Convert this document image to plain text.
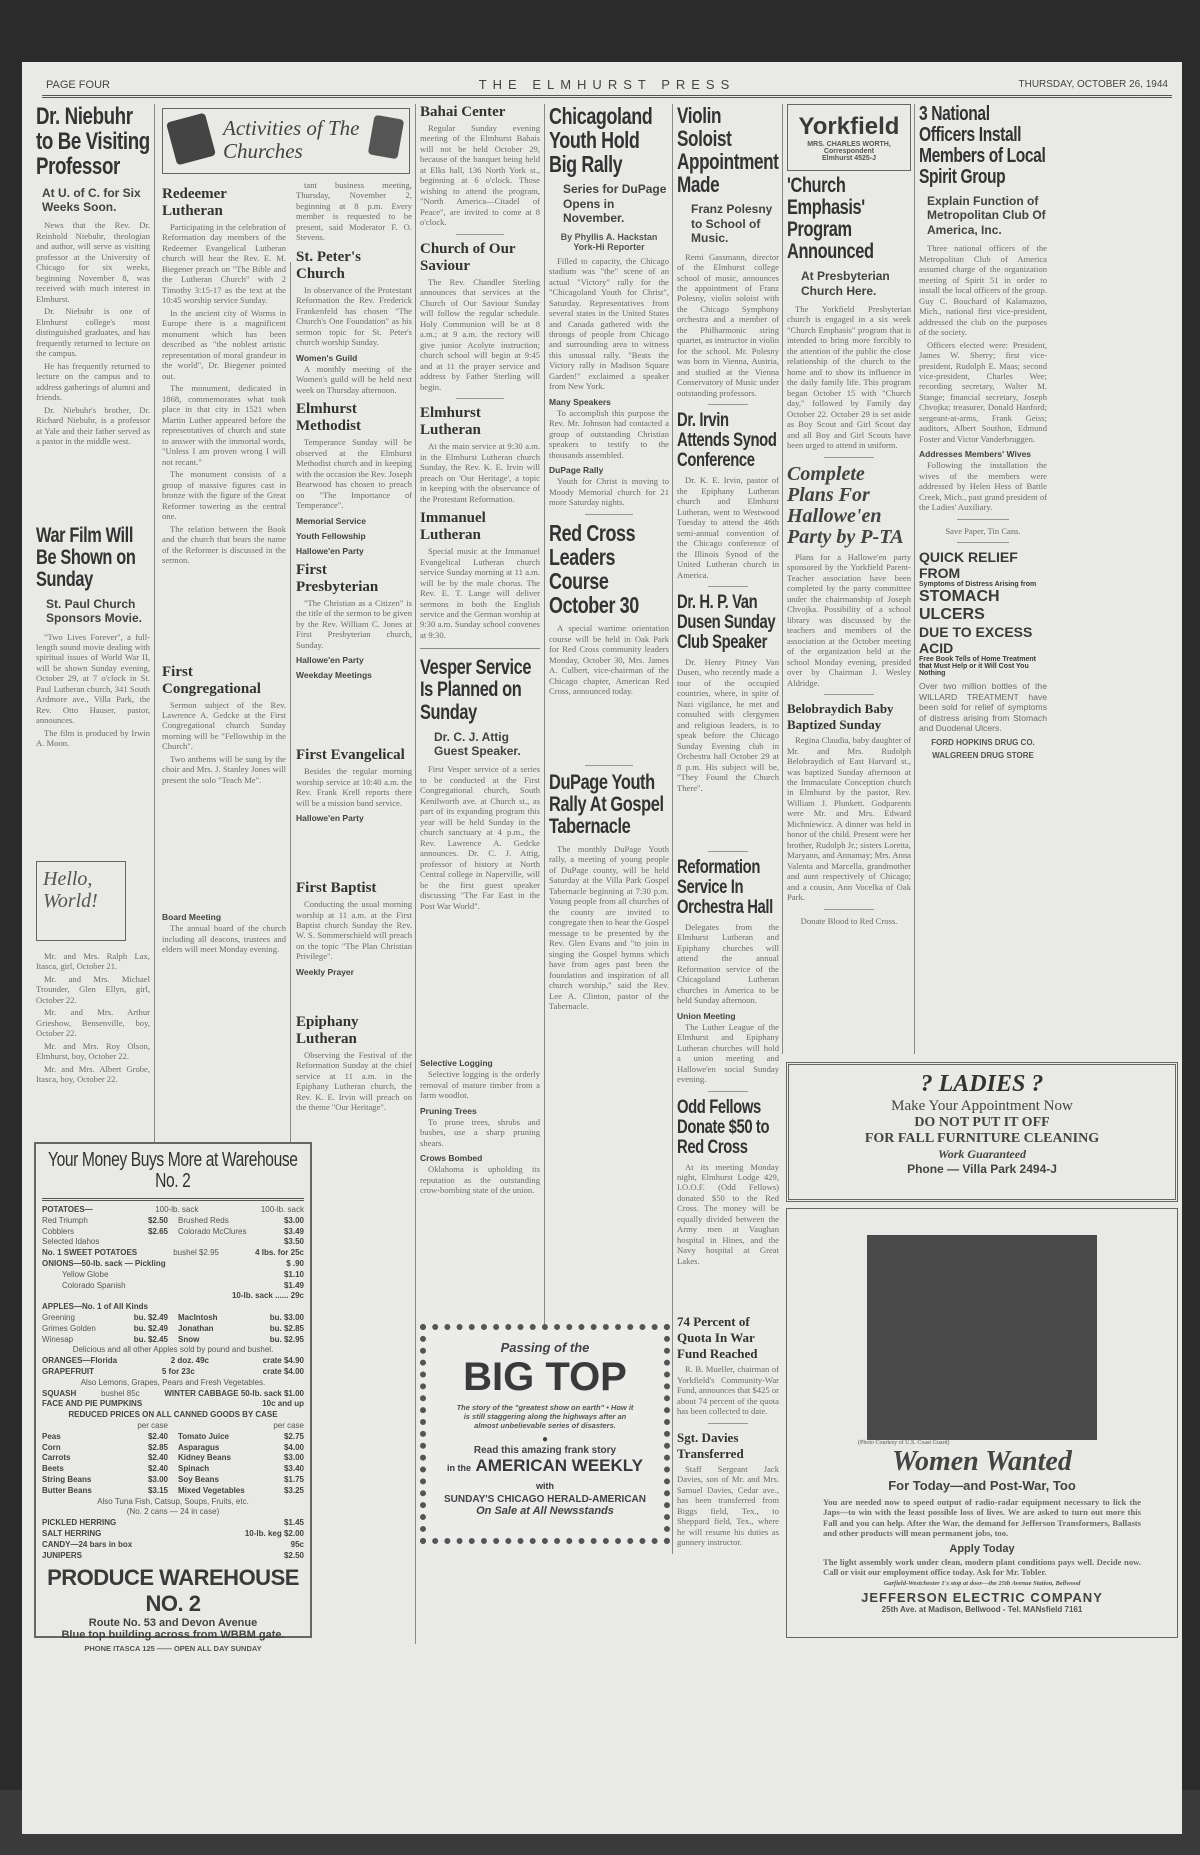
PAGE FOUR	THE ELMHURST PRESS	THURSDAY, OCTOBER 26, 1944
Dr. Niebuhr to Be Visiting Professor
At U. of C. for Six Weeks Soon.

News that the Rev. Dr. Reinhold Niebuhr, theologian and author, will serve as visiting professor at the University of Chicago for six weeks, beginning November 8, was received with much interest in Elmhurst.

Dr. Niebuhr is one of Elmhurst college's most distinguished graduates, and has frequently returned to lecture on the campus.

He has frequently returned to lecture on the campus and to address gatherings of alumni and friends.

Dr. Niebuhr's brother, Dr. Richard Niebuhr, is a professor at Yale and their father served as a pastor in the middle west.

War Film Will Be Shown on Sunday
St. Paul Church Sponsors Movie.

"Two Lives Forever", a full-length sound movie dealing with spiritual issues of World War II, will be shown Sunday evening, October 29, at 7 o'clock in St. Paul Lutheran church, 341 South Ardmore ave., Villa Park, the Rev. Otto Hauser, pastor, announces.

The film is produced by Irwin A. Moon.

Hello, World!

Mr. and Mrs. Ralph Lax, Itasca, girl, October 21.

Mr. and Mrs. Michael Trounder, Glen Ellyn, girl, October 22.

Mr. and Mrs. Arthur Grieshow, Bensenville, boy, October 22.

Mr. and Mrs. Roy Olson, Elmhurst, boy, October 22.

Mr. and Mrs. Albert Grobe, Itasca, boy, October 22.

Activities of The Churches
Redeemer Lutheran

Participating in the celebration of Reformation day members of the Redeemer Evangelical Lutheran church will hear the Rev. E. M. Biegener preach on "The Bible and the Lutheran Church" with 2 Timothy 3:15-17 as the text at the 10:45 worship service Sunday.

In the ancient city of Worms in Europe there is a magnificent monument which has been described as "the noblest artistic representation of moral grandeur in the world", Dr. Biegener pointed out.

The monument, dedicated in 1868, commemorates what took place in that city in 1521 when Martin Luther appeared before the representatives of church and state to answer with the immortal words, "Unless I am proven wrong I will not recant."

The monument consists of a group of massive figures cast in bronze with the figure of the Great Reformer towering as the central one.

The relation between the Book and the church that bears the name of the Reformer is discussed in the sermon.

First Congregational

Sermon subject of the Rev. Lawrence A. Gedcke at the First Congregational church Sunday morning will be "Fellowship in the Church".

Two anthems will be sung by the choir and Mrs. J. Stanley Jones will present the solo "Teach Me".

Board Meeting

The annual board of the church including all deacons, trustees and elders will meet Monday evening.

tant business meeting, Thursday, November 2, beginning at 8 p.m. Every member is requested to be present, said Moderator F. O. Stevens.

St. Peter's Church

In observance of the Protestant Reformation the Rev. Frederick Frankenfeld has chosen "The Church's One Foundation" as his sermon topic for St. Peter's church worship Sunday.

Women's Guild

A monthly meeting of the Women's guild will be held next week on Thursday afternoon.

Elmhurst Methodist

Temperance Sunday will be observed at the Elmhurst Methodist church and in keeping with the occasion the Rev. Joseph Bearwood has chosen to preach on "The Importance of Temperance".

Memorial Service
Youth Fellowship
Hallowe'en Party
First Presbyterian

"The Christian as a Citizen" is the title of the sermon to be given by the Rev. William C. Jones at First Presbyterian church, Sunday.

Hallowe'en Party
Weekday Meetings
First Evangelical

Besides the regular morning worship service at 10:40 a.m. the Rev. Frank Krell reports there will be a mission band service.

Hallowe'en Party
First Baptist

Conducting the usual morning worship at 11 a.m. at the First Baptist church Sunday the Rev. W. S. Sommerschield will preach on the topic "The Plan Christian Privilege".

Weekly Prayer
Epiphany Lutheran

Observing the Festival of the Reformation Sunday at the chief service at 11 a.m. in the Epiphany Lutheran church, the Rev. K. E. Irvin will preach on the theme "Our Heritage".

Your Money Buys More at Warehouse No. 2
POTATOES—	100-lb. sack	100-lb. sack
Red Triumph	$2.50 Brushed Reds	$3.00
Cobblers	$2.65 Colorado McClures	$3.49
Selected Idahos	$3.50
No. 1 SWEET POTATOES	bushel $2.95	4 lbs. for 25c
ONIONS—50-lb. sack — Pickling	$ .90
Yellow Globe	$1.10
Colorado Spanish	$1.49
10-lb. sack ...... 29c
APPLES—No. 1 of All Kinds
Greening	bu. $2.49 MacIntosh	bu. $3.00
Grimes Golden	bu. $2.49 Jonathan	bu. $2.85
Winesap	bu. $2.45 Snow	bu. $2.95
Delicious and all other Apples sold by pound and bushel.
ORANGES—Florida	2 doz. 49c	crate $4.90
GRAPEFRUIT	5 for 23c	crate $4.00
Also Lemons, Grapes, Pears and Fresh Vegetables.
SQUASH	bushel 85c	WINTER CABBAGE 50-lb. sack $1.00
FACE AND PIE PUMPKINS	10c and up
REDUCED PRICES ON ALL CANNED GOODS BY CASE
per case	per case
Peas	$2.40 Tomato Juice	$2.75
Corn	$2.85 Asparagus	$4.00
Carrots	$2.40 Kidney Beans	$3.00
Beets	$2.40 Spinach	$3.40
String Beans	$3.00 Soy Beans	$1.75
Butter Beans	$3.15 Mixed Vegetables	$3.25
Also Tuna Fish, Catsup, Soups, Fruits, etc.
(No. 2 cans — 24 in case)
PICKLED HERRING	$1.45
SALT HERRING	10-lb. keg $2.00
CANDY—24 bars in box	95c
JUNIPERS	$2.50
PRODUCE WAREHOUSE NO. 2
Route No. 53 and Devon Avenue
Blue top building across from WBBM gate.
PHONE ITASCA 125 —— OPEN ALL DAY SUNDAY
Bahai Center

Regular Sunday evening meeting of the Elmhurst Bahais will not be held October 29, because of the banquet being held at Elks hall, 136 North York st., beginning at 6 o'clock. Those wishing to attend the program, "North America—Citadel of Peace", are invited to come at 8 o'clock.

Church of Our Saviour

The Rev. Chandler Sterling announces that services at the Church of Our Saviour Sunday will follow the regular schedule. Holy Communion will be at 8 a.m.; at 9 a.m. the rectory will give junior Acolyte instruction; church school will begin at 9:45 and at 11 the prayer service and address by Father Sterling will begin.

Elmhurst Lutheran

At the main service at 9:30 a.m. in the Elmhurst Lutheran church Sunday, the Rev. K. E. Irvin will preach on 'Our Heritage', a topic in keeping with the observance of the Protestant Reformation.

Immanuel Lutheran

Special music at the Immanuel Evangelical Lutheran church service Sunday morning at 11 a.m. will be by the male chorus. The Rev. E. T. Lange will deliver sermons in both the English service and the German worship at 9:30 a.m. Sunday school convenes at 9:30.

Vesper Service Is Planned on Sunday
Dr. C. J. Attig Guest Speaker.

First Vesper service of a series to be conducted at the First Congregational church, South Kenilworth ave. at Church st., as part of its expanding program this year will be held Sunday in the church sanctuary at 4 p.m., the Rev. Lawrence A. Gedcke announces. Dr. C. J. Attig, professor of history at North Central college in Naperville, will be the first guest speaker discussing "The Far East in the Post War World".

Selective Logging

Selective logging is the orderly removal of mature timber from a farm woodlot.

Pruning Trees

To prune trees, shrubs and bushes, use a sharp pruning shears.

Crows Bombed

Oklahoma is upholding its reputation as the outstanding crow-bombing state of the union.

Chicagoland Youth Hold Big Rally
Series for DuPage Opens in November.
By Phyllis A. Hackstan York-Hi Reporter

Filled to capacity, the Chicago stadium was "the" scene of an actual "Victory" rally for the "Chicagoland Youth for Christ", Saturday. Representatives from several states in the United States and Canada gathered with the throngs of people from Chicago and surrounding area to witness this unusual rally. "Beats the Victory rally in Madison Square Garden!" exclaimed a speaker from New York.

Many Speakers

To accomplish this purpose the Rev. Mr. Johnson had contacted a group of outstanding Christian speakers to testify to the thousands assembled.

DuPage Rally

Youth for Christ is moving to Moody Memorial church for 21 more Saturday nights.

Red Cross Leaders Course October 30

A special wartime orientation course will be held in Oak Park for Red Cross community leaders Monday, October 30, Mrs. James A. Culbert, vice-chairman of the Chicago chapter, American Red Cross, announced today.

DuPage Youth Rally At Gospel Tabernacle

The monthly DuPage Youth rally, a meeting of young people of DuPage county, will be held Saturday at the Villa Park Gospel Tabernacle beginning at 7:30 p.m. Young people from all churches of the county are invited to congregate then to hear the Gospel message to be presented by the Rev. Glen Evans and "to join in singing the Gospel hymns which have from ages past been the foundation and inspiration of all church worship," said the Rev. Lee A. Clinton, pastor of the Tabernacle.

Passing of the
BIG TOP
The story of the "greatest show on earth" • How it is still staggering along the highways after an almost unbelievable series of disasters.
●
Read this amazing frank story
in the AMERICAN WEEKLY with
SUNDAY'S CHICAGO HERALD-AMERICAN
On Sale at All Newsstands
Violin Soloist Appointment Made
Franz Polesny to School of Music.

Remi Gassmann, director of the Elmhurst college school of music, announces the appointment of Franz Polesny, violin soloist with the Chicago Symphony orchestra and a member of the Philharmonic string quartet, as instructor in violin for the school. Mr. Polesny was born in Vienna, Austria, and studied at the Vienna Conservatory of Music under outstanding professors.

Dr. Irvin Attends Synod Conference

Dr. K. E. Irvin, pastor of the Epiphany Lutheran church and Elmhurst Lutheran, went to Westwood Tuesday to attend the 46th semi-annual convention of the Chicago conference of the Illinois Synod of the United Lutheran church in America.

Dr. H. P. Van Dusen Sunday Club Speaker

Dr. Henry Pitney Van Dusen, who recently made a tour of the occupied countries, where, in spite of Nazi vigilance, he met and consulted with clergymen and religious leaders, is to speak before the Chicago Sunday Evening club in Orchestra hall October 29 at 8 p.m. His subject will be, "They Found the Church There".

Reformation Service In Orchestra Hall

Delegates from the Elmhurst Lutheran and Epiphany churches will attend the annual Reformation service of the Chicagoland Lutheran churches in America to be held Sunday afternoon.

Union Meeting

The Luther League of the Elmhurst and Epiphany Lutheran churches will hold a union meeting and Hallowe'en social Sunday evening.

Odd Fellows Donate $50 to Red Cross

At its meeting Monday night, Elmhurst Lodge 429, I.O.O.F. (Odd Fellows) donated $50 to the Red Cross. The money will be equally divided between the Army men at Vaughan hospital in Hines, and the Navy hospital at Great Lakes.

74 Percent of Quota In War Fund Reached

R. B. Mueller, chairman of Yorkfield's Community-War Fund, announces that $425 or about 74 percent of the quota has been collected to date.

Sgt. Davies Transferred

Staff Sergeant Jack Davies, son of Mr. and Mrs. Samuel Davies, Cedar ave., has been transferred from Biggs field, Tex., to Sheppard field, Tex., where he will resume his duties as gunnery instructor.

Yorkfield
MRS. CHARLES WORTH,
Correspondent
Elmhurst 4525-J
'Church Emphasis' Program Announced
At Presbyterian Church Here.

The Yorkfield Presbyterian church is engaged in a six week "Church Emphasis" program that is intended to bring more forcibly to the attention of the public the close relationship of the church to the home and to show its influence in the daily family life. This program began October 15 with "Church day," followed by Family day October 22. October 29 is set aside as Boy Scout and Girl Scout day and all Boy and Girl Scouts have been urged to attend in uniform.

Complete Plans For Hallowe'en Party by P-TA

Plans for a Hallowe'en party sponsored by the Yorkfield Parent-Teacher association have been completed by the party committee under the chairmanship of Joseph Chvojka. Possibility of a school library was discussed by the teachers and members of the association at the October meeting of the organization held at the school Monday evening, presided over by Chairman J. Wesley Aldridge.

Belobraydich Baby Baptized Sunday

Regina Claudia, baby daughter of Mr. and Mrs. Rudolph Belobraydich of East Harvard st., was baptized Sunday afternoon at the Immaculate Conception church in Elmhurst by the pastor, Rev. William J. Plunkett. Godparents were Mr. and Mrs. Edward Michniewicz. A dinner was held in honor of the child. Present were her brother, Rudolph Jr.; sisters Loretta, Maryann, and Annamay; Mrs. Anna Valenta and Marcella, grandmother and aunt respectively of Chicago; and a cousin, Ann Vocelka of Oak Park.

Donate Blood to Red Cross.
3 National Officers Install Members of Local Spirit Group
Explain Function of Metropolitan Club Of America, Inc.

Three national officers of the Metropolitan Club of America assumed charge of the organization meeting of Spirit 51 in order to install the local officers of the group. Guy C. Bouchard of Kalamazoo, Mich., national first vice-president, addressed the club on the purposes of the society.

Officers elected were: President, James W. Sherry; first vice-president, Rudolph E. Maas; second vice-president, Charles Wee; recording secretary, Walter M. Stange; financial secretary, Joseph Chvojka; treasurer, Donald Hanford; sergeant-at-arms, Frank Geiss; auditors, Albert Southon, Edmund Foster and Victor Vanderbruggen.

Addresses Members' Wives

Following the installation the wives of the members were addressed by Helen Hess of Battle Creek, Mich., past grand president of the Ladies' Auxiliary.

Save Paper, Tin Cans.
QUICK RELIEF FROM
Symptoms of Distress Arising from
STOMACH ULCERS
DUE TO EXCESS ACID
Free Book Tells of Home Treatment that Must Help or it Will Cost You Nothing
Over two million bottles of the WILLARD TREATMENT have been sold for relief of symptoms of distress arising from Stomach and Duodenal Ulcers.
FORD HOPKINS DRUG CO.
WALGREEN DRUG STORE
? LADIES ?
Make Your Appointment Now
DO NOT PUT IT OFF
FOR FALL FURNITURE CLEANING
Work Guaranteed
Phone — Villa Park 2494-J
(Photo Courtesy of U.S. Coast Guard)
Women Wanted
For Today—and Post-War, Too
You are needed now to speed output of radio-radar equipment necessary to lick the Japs—to win with the least possible loss of lives. We are asked to turn out more this Fall and you can help. After the War, the demand for Jefferson Transformers, Ballasts and other products will mean permanent jobs, too.
Apply Today
The light assembly work under clean, modern plant conditions pays well. Decide now. Call or visit our employment office today. Ask for Mr. Tobler.
Garfield-Westchester 1's stop at door—the 25th Avenue Station, Bellwood
JEFFERSON ELECTRIC COMPANY
25th Ave. at Madison, Bellwood - Tel. MANsfield 7161
